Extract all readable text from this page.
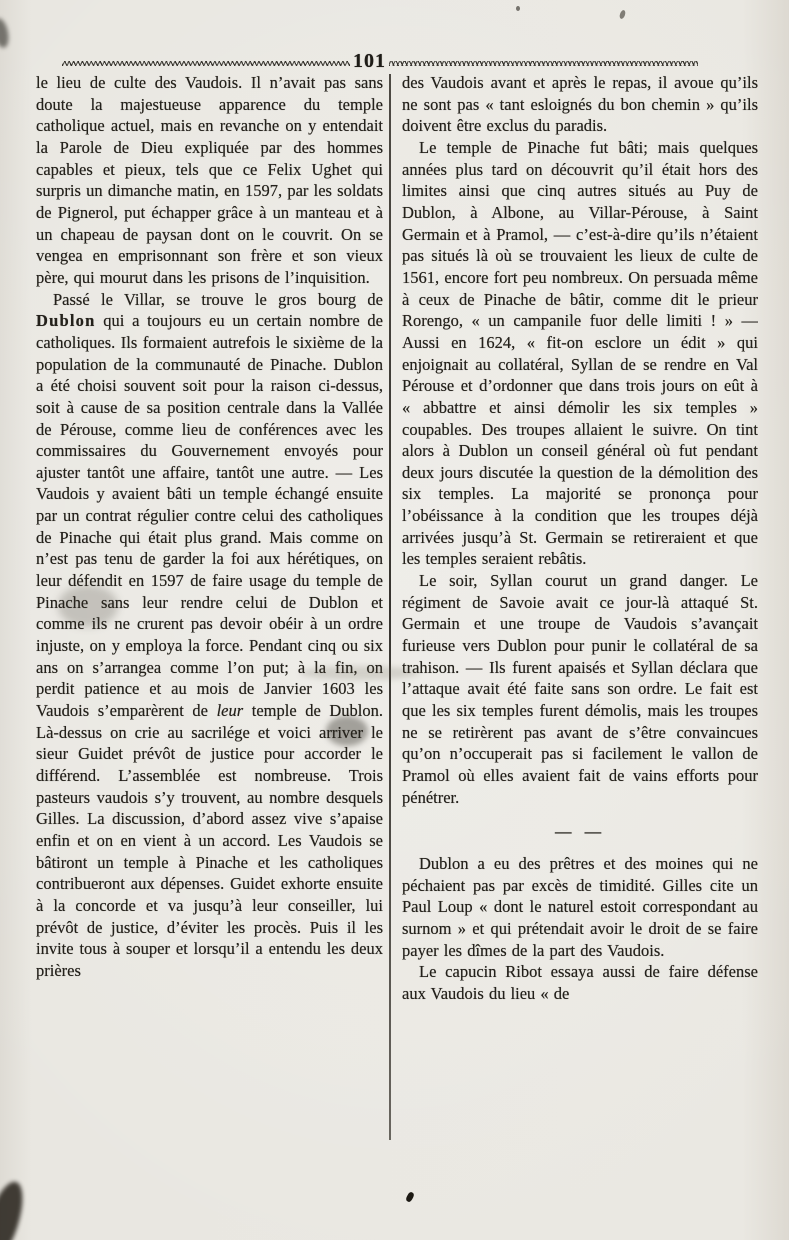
101

le lieu de culte des Vaudois. Il n’avait pas sans doute la majestueuse apparence du temple catholique actuel, mais en revanche on y entendait la Parole de Dieu expliquée par des hommes capables et pieux, tels que ce Felix Ughet qui surpris un dimanche matin, en 1597, par les soldats de Pignerol, put échapper grâce à un manteau et à un chapeau de paysan dont on le couvrit. On se vengea en emprisonnant son frère et son vieux père, qui mourut dans les prisons de l’inquisition.

Passé le Villar, se trouve le gros bourg de Dublon qui a toujours eu un certain nombre de catholiques. Ils formaient autrefois le sixième de la population de la communauté de Pinache. Dublon a été choisi souvent soit pour la raison ci-dessus, soit à cause de sa position centrale dans la Vallée de Pérouse, comme lieu de conférences avec les commissaires du Gouvernement envoyés pour ajuster tantôt une affaire, tantôt une autre. — Les Vaudois y avaient bâti un temple échangé ensuite par un contrat régulier contre celui des catholiques de Pinache qui était plus grand. Mais comme on n’est pas tenu de garder la foi aux hérétiques, on leur défendit en 1597 de faire usage du temple de Pinache sans leur rendre celui de Dublon et comme ils ne crurent pas devoir obéir à un ordre injuste, on y employa la force. Pendant cinq ou six ans on s’arrangea comme l’on put; à la fin, on perdit patience et au mois de Janvier 1603 les Vaudois s’emparèrent de leur temple de Dublon. Là-dessus on crie au sacrilége et voici arriver le sieur Guidet prévôt de justice pour accorder le différend. L’assemblée est nombreuse. Trois pasteurs vaudois s’y trouvent, au nombre desquels Gilles. La discussion, d’abord assez vive s’apaise enfin et on en vient à un accord. Les Vaudois se bâtiront un temple à Pinache et les catholiques contribueront aux dépenses. Guidet exhorte ensuite à la concorde et va jusqu’à leur conseiller, lui prévôt de justice, d’éviter les procès. Puis il les invite tous à souper et lorsqu’il a entendu les deux prières

des Vaudois avant et après le repas, il avoue qu’ils ne sont pas « tant esloignés du bon chemin » qu’ils doivent être exclus du paradis.

Le temple de Pinache fut bâti; mais quelques années plus tard on découvrit qu’il était hors des limites ainsi que cinq autres situés au Puy de Dublon, à Albone, au Villar-Pérouse, à Saint Germain et à Pramol, — c’est-à-dire qu’ils n’étaient pas situés là où se trouvaient les lieux de culte de 1561, encore fort peu nombreux. On persuada même à ceux de Pinache de bâtir, comme dit le prieur Rorengo, « un campanile fuor delle limiti ! » — Aussi en 1624, « fit-on esclore un édit » qui enjoignait au collatéral, Syllan de se rendre en Val Pérouse et d’ordonner que dans trois jours on eût à « abbattre et ainsi démolir les six temples » coupables. Des troupes allaient le suivre. On tint alors à Dublon un conseil général où fut pendant deux jours discutée la question de la démolition des six temples. La majorité se prononça pour l’obéissance à la condition que les troupes déjà arrivées jusqu’à St. Germain se retireraient et que les temples seraient rebâtis.

Le soir, Syllan courut un grand danger. Le régiment de Savoie avait ce jour-là attaqué St. Germain et une troupe de Vaudois s’avançait furieuse vers Dublon pour punir le collatéral de sa trahison. — Ils furent apaisés et Syllan déclara que l’attaque avait été faite sans son ordre. Le fait est que les six temples furent démolis, mais les troupes ne se retirèrent pas avant de s’être convaincues qu’on n’occuperait pas si facilement le vallon de Pramol où elles avaient fait de vains efforts pour pénétrer.

— —

Dublon a eu des prêtres et des moines qui ne péchaient pas par excès de timidité. Gilles cite un Paul Loup « dont le naturel estoit correspondant au surnom » et qui prétendait avoir le droit de se faire payer les dîmes de la part des Vaudois.

Le capucin Ribot essaya aussi de faire défense aux Vaudois du lieu « de
